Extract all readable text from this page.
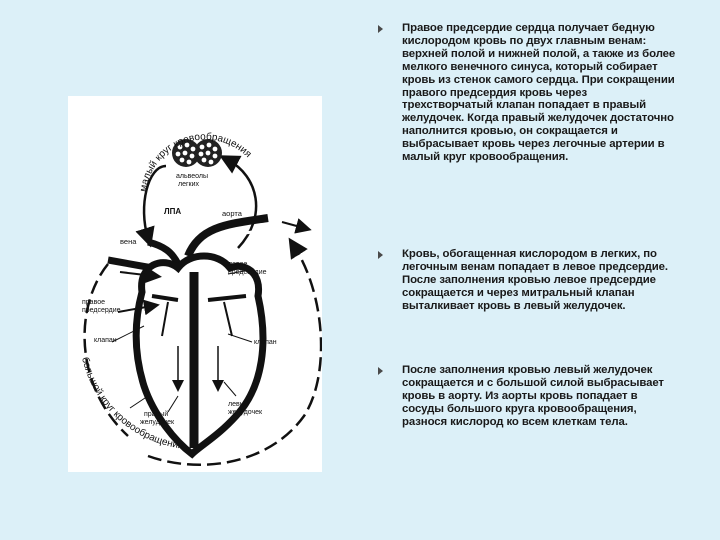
малый круг кровообращения
большой круг кровообращения
альвеолы легких
ЛПА	аорта
вена
левое предсердие
правое предсердие
клапан	клапан
правый желудочек
левый желудочек
Правое предсердие сердца получает бедную кислородом кровь по двух главным венам: верхней полой и нижней полой, а также из более мелкого венечного синуса, который собирает кровь из стенок самого сердца. При сокращении правого предсердия кровь через трехстворчатый клапан попадает в правый желудочек. Когда правый желудочек достаточно наполнится кровью, он сокращается и выбрасывает кровь через легочные артерии в малый круг кровообращения.
Кровь, обогащенная кислородом в легких, по легочным венам попадает в левое предсердие. После заполнения кровью левое предсердие сокращается и через митральный клапан выталкивает кровь в левый желудочек.
После заполнения кровью левый желудочек сокращается и с большой силой выбрасывает кровь в аорту. Из аорты кровь попадает в сосуды большого круга кровообращения, разнося кислород ко всем клеткам тела.
